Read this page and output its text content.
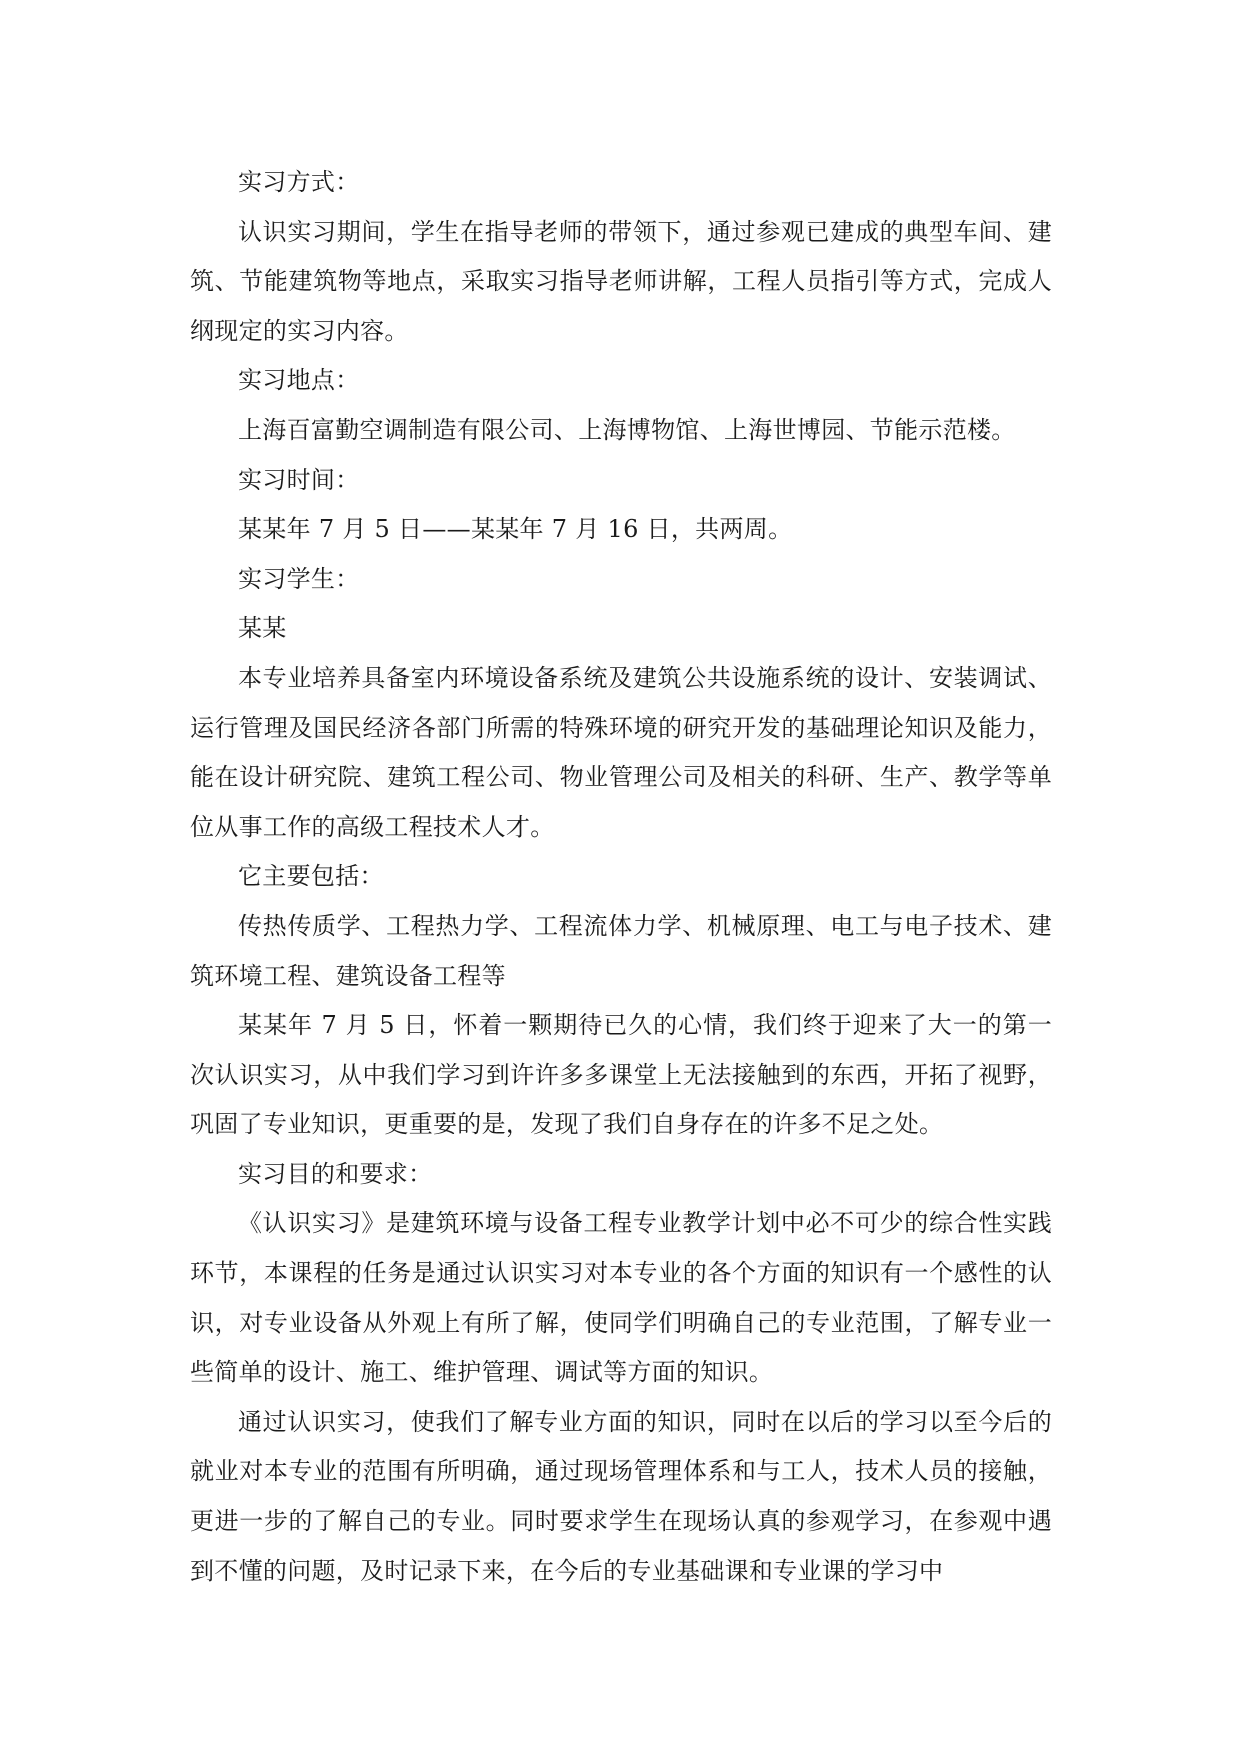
实习方式：

认识实习期间，学生在指导老师的带领下，通过参观已建成的典型车间、建筑、节能建筑物等地点，采取实习指导老师讲解，工程人员指引等方式，完成人纲现定的实习内容。

实习地点：

上海百富勤空调制造有限公司、上海博物馆、上海世博园、节能示范楼。

实习时间：

某某年 7 月 5 日——某某年 7 月 16 日，共两周。

实习学生：

某某

本专业培养具备室内环境设备系统及建筑公共设施系统的设计、安装调试、运行管理及国民经济各部门所需的特殊环境的研究开发的基础理论知识及能力，能在设计研究院、建筑工程公司、物业管理公司及相关的科研、生产、教学等单位从事工作的高级工程技术人才。

它主要包括：

传热传质学、工程热力学、工程流体力学、机械原理、电工与电子技术、建筑环境工程、建筑设备工程等

某某年 7 月 5 日，怀着一颗期待已久的心情，我们终于迎来了大一的第一次认识实习，从中我们学习到许许多多课堂上无法接触到的东西，开拓了视野，巩固了专业知识，更重要的是，发现了我们自身存在的许多不足之处。

实习目的和要求：

《认识实习》是建筑环境与设备工程专业教学计划中必不可少的综合性实践环节，本课程的任务是通过认识实习对本专业的各个方面的知识有一个感性的认识，对专业设备从外观上有所了解，使同学们明确自己的专业范围，了解专业一些简单的设计、施工、维护管理、调试等方面的知识。

通过认识实习，使我们了解专业方面的知识，同时在以后的学习以至今后的就业对本专业的范围有所明确，通过现场管理体系和与工人，技术人员的接触，更进一步的了解自己的专业。同时要求学生在现场认真的参观学习，在参观中遇到不懂的问题，及时记录下来，在今后的专业基础课和专业课的学习中
